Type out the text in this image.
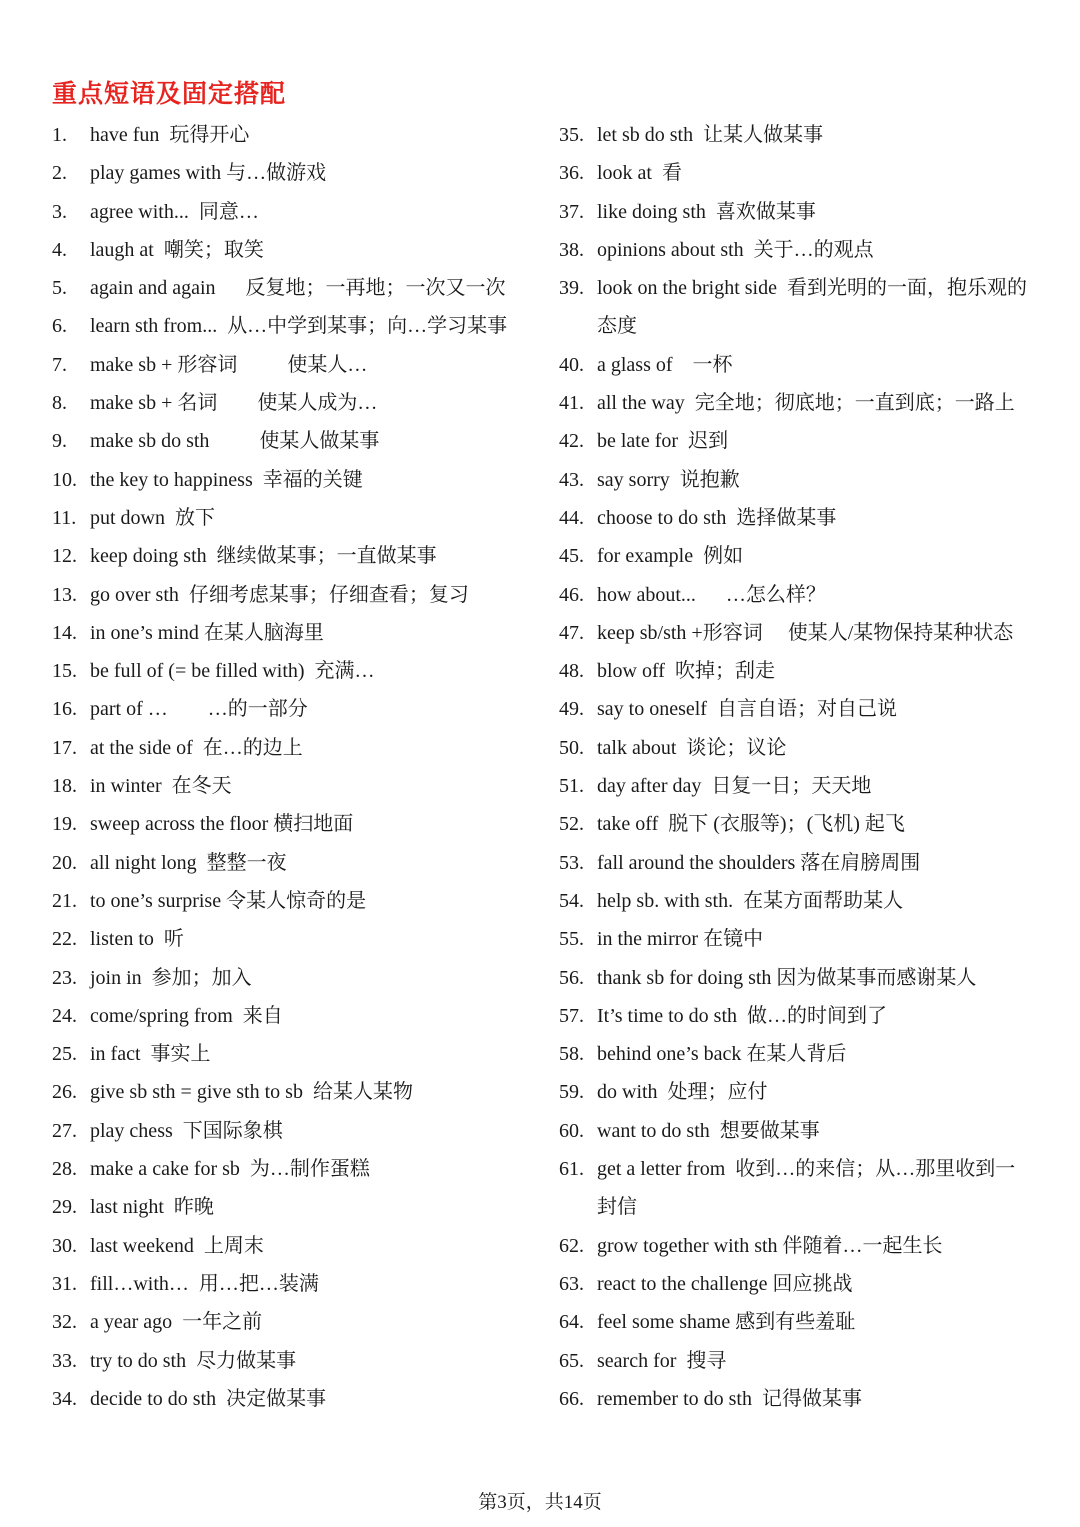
重点短语及固定搭配
1.	have fun  玩得开心
2.	play games with 与…做游戏
3.	agree with...  同意…
4.	laugh at  嘲笑；取笑
5.	again and again      反复地；一再地；一次又一次
6.	learn sth from...  从…中学到某事；向…学习某事
7.	make sb + 形容词          使某人…
8.	make sb + 名词        使某人成为…
9.	make sb do sth          使某人做某事
10. the key to happiness  幸福的关键
11. put down  放下
12. keep doing sth  继续做某事；一直做某事
13. go over sth  仔细考虑某事；仔细查看；复习
14. in one’s mind 在某人脑海里
15. be full of (= be filled with)  充满…
16. part of …        …的一部分
17. at the side of  在…的边上
18. in winter  在冬天
19. sweep across the floor 横扫地面
20. all night long  整整一夜
21. to one’s surprise 令某人惊奇的是
22. listen to  听
23. join in  参加；加入
24. come/spring from  来自
25. in fact  事实上
26. give sb sth = give sth to sb  给某人某物
27. play chess  下国际象棋
28. make a cake for sb  为…制作蛋糕
29. last night  昨晚
30. last weekend  上周末
31. fill…with…  用…把…装满
32. a year ago  一年之前
33. try to do sth  尽力做某事
34. decide to do sth  决定做某事
35. let sb do sth  让某人做某事
36. look at  看
37. like doing sth  喜欢做某事
38. opinions about sth  关于…的观点
39. look on the bright side  看到光明的一面，抱乐观的态度
40. a glass of    一杯
41. all the way  完全地；彻底地；一直到底；一路上
42. be late for  迟到
43. say sorry  说抱歉
44. choose to do sth  选择做某事
45. for example  例如
46. how about...      …怎么样？
47. keep sb/sth +形容词     使某人/某物保持某种状态
48. blow off  吹掉；刮走
49. say to oneself  自言自语；对自己说
50. talk about  谈论；议论
51. day after day  日复一日；天天地
52. take off  脱下 (衣服等)；(飞机) 起飞
53. fall around the shoulders 落在肩膀周围
54. help sb. with sth.  在某方面帮助某人
55. in the mirror 在镜中
56. thank sb for doing sth 因为做某事而感谢某人
57. It’s time to do sth  做…的时间到了
58. behind one’s back 在某人背后
59. do with  处理；应付
60. want to do sth  想要做某事
61. get a letter from  收到…的来信；从…那里收到一封信
62. grow together with sth 伴随着…一起生长
63. react to the challenge 回应挑战
64. feel some shame 感到有些羞耻
65. search for  搜寻
66. remember to do sth  记得做某事
第3页，共14页
